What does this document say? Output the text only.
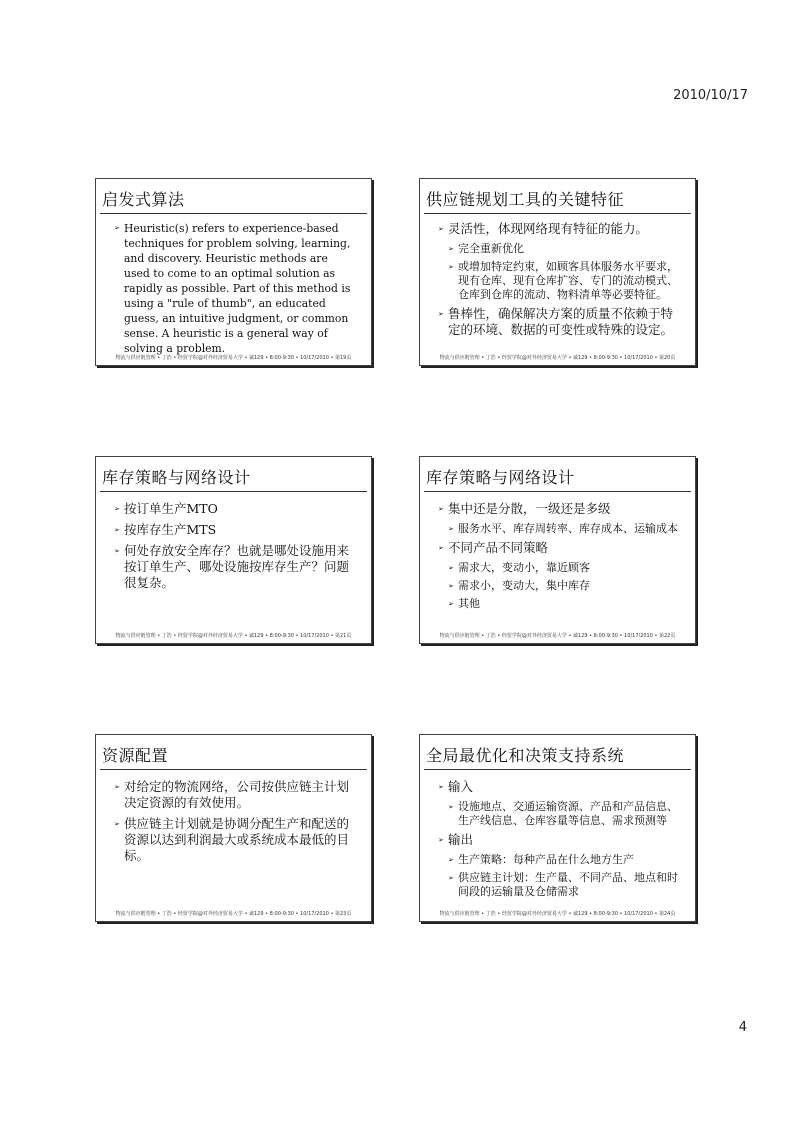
2010/10/17
启发式算法
➢ Heuristic(s) refers to experience-based techniques for problem solving, learning, and discovery. Heuristic methods are used to come to an optimal solution as rapidly as possible. Part of this method is using a "rule of thumb", an educated guess, an intuitive judgment, or common sense. A heuristic is a general way of solving a problem.
物流与供应链管理 • 丁浩 • 经贸学院@对外经济贸易大学 • 诚129 • 8:00-9:30 • 10/17/2010 • 第19页
供应链规划工具的关键特征
➢ 灵活性，体现网络现有特征的能力。
➢ 完全重新优化
➢ 或增加特定约束，如顾客具体服务水平要求，现有仓库、现有仓库扩容、专门的流动模式、仓库到仓库的流动、物料清单等必要特征。
➢ 鲁棒性，确保解决方案的质量不依赖于特定的环境、数据的可变性或特殊的设定。
物流与供应链管理 • 丁浩 • 经贸学院@对外经济贸易大学 • 诚129 • 8:00-9:30 • 10/17/2010 • 第20页
库存策略与网络设计
➢ 按订单生产MTO
➢ 按库存生产MTS
➢ 何处存放安全库存？也就是哪处设施用来按订单生产、哪处设施按库存生产？问题很复杂。
物流与供应链管理 • 丁浩 • 经贸学院@对外经济贸易大学 • 诚129 • 8:00-9:30 • 10/17/2010 • 第21页
库存策略与网络设计
➢ 集中还是分散，一级还是多级
➢ 服务水平、库存周转率、库存成本、运输成本
➢ 不同产品不同策略
➢ 需求大，变动小，靠近顾客
➢ 需求小，变动大，集中库存
➢ 其他
物流与供应链管理 • 丁浩 • 经贸学院@对外经济贸易大学 • 诚129 • 8:00-9:30 • 10/17/2010 • 第22页
资源配置
➢ 对给定的物流网络，公司按供应链主计划决定资源的有效使用。
➢ 供应链主计划就是协调分配生产和配送的资源以达到利润最大或系统成本最低的目标。
物流与供应链管理 • 丁浩 • 经贸学院@对外经济贸易大学 • 诚129 • 8:00-9:30 • 10/17/2010 • 第23页
全局最优化和决策支持系统
➢ 输入
➢ 设施地点、交通运输资源、产品和产品信息、生产线信息、仓库容量等信息、需求预测等
➢ 输出
➢ 生产策略：每种产品在什么地方生产
➢ 供应链主计划：生产量、不同产品、地点和时间段的运输量及仓储需求
物流与供应链管理 • 丁浩 • 经贸学院@对外经济贸易大学 • 诚129 • 8:00-9:30 • 10/17/2010 • 第24页
4
